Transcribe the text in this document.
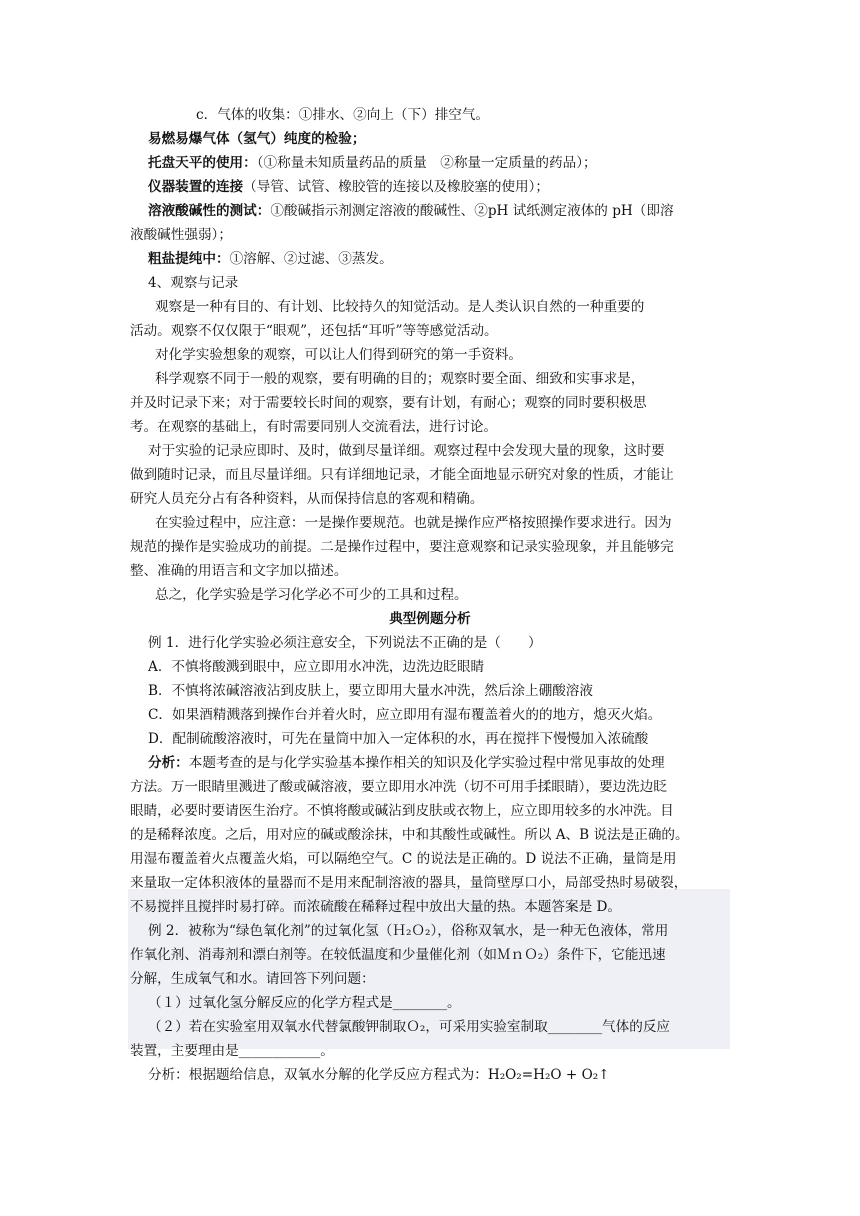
c．气体的收集：①排水、②向上（下）排空气。
易燃易爆气体（氢气）纯度的检验；
托盘天平的使用：（①称量未知质量药品的质量　②称量一定质量的药品）；
仪器装置的连接（导管、试管、橡胶管的连接以及橡胶塞的使用）；
溶液酸碱性的测试：①酸碱指示剂测定溶液的酸碱性、②pH 试纸测定液体的 pH（即溶
液酸碱性强弱）；
粗盐提纯中：①溶解、②过滤、③蒸发。
4、观察与记录
观察是一种有目的、有计划、比较持久的知觉活动。是人类认识自然的一种重要的
活动。观察不仅仅限于“眼观”，还包括“耳听”等等感觉活动。
对化学实验想象的观察，可以让人们得到研究的第一手资料。
科学观察不同于一般的观察，要有明确的目的；观察时要全面、细致和实事求是，
并及时记录下来；对于需要较长时间的观察，要有计划，有耐心；观察的同时要积极思
考。在观察的基础上，有时需要同别人交流看法，进行讨论。
对于实验的记录应即时、及时，做到尽量详细。观察过程中会发现大量的现象，这时要
做到随时记录，而且尽量详细。只有详细地记录，才能全面地显示研究对象的性质，才能让
研究人员充分占有各种资料，从而保持信息的客观和精确。
在实验过程中，应注意：一是操作要规范。也就是操作应严格按照操作要求进行。因为
规范的操作是实验成功的前提。二是操作过程中，要注意观察和记录实验现象，并且能够完
整、准确的用语言和文字加以描述。
总之，化学实验是学习化学必不可少的工具和过程。
典型例题分析
例 1．进行化学实验必须注意安全，下列说法不正确的是（　　）
A．不慎将酸溅到眼中，应立即用水冲洗，边洗边眨眼睛
B．不慎将浓碱溶液沾到皮肤上，要立即用大量水冲洗，然后涂上硼酸溶液
C．如果酒精溅落到操作台并着火时，应立即用有湿布覆盖着火的的地方，熄灭火焰。
D．配制硫酸溶液时，可先在量筒中加入一定体积的水，再在搅拌下慢慢加入浓硫酸
分析：本题考查的是与化学实验基本操作相关的知识及化学实验过程中常见事故的处理
方法。万一眼睛里溅进了酸或碱溶液，要立即用水冲洗（切不可用手揉眼睛），要边洗边眨
眼睛，必要时要请医生治疗。不慎将酸或碱沾到皮肤或衣物上，应立即用较多的水冲洗。目
的是稀释浓度。之后，用对应的碱或酸涂抹，中和其酸性或碱性。所以 A、B 说法是正确的。
用湿布覆盖着火点覆盖火焰，可以隔绝空气。C 的说法是正确的。D 说法不正确，量筒是用
来量取一定体积液体的量器而不是用来配制溶液的器具，量筒壁厚口小，局部受热时易破裂，
不易搅拌且搅拌时易打碎。而浓硫酸在稀释过程中放出大量的热。本题答案是 D。
例 2．被称为“绿色氧化剂”的过氧化氢（Ｈ₂Ｏ₂），俗称双氧水，是一种无色液体，常用
作氧化剂、消毒剂和漂白剂等。在较低温度和少量催化剂（如ＭｎＯ₂）条件下，它能迅速
分解，生成氧气和水。请回答下列问题：
（１）过氧化氢分解反应的化学方程式是________。
（２）若在实验室用双氧水代替氯酸钾制取Ｏ₂，可采用实验室制取________气体的反应
装置，主要理由是____________。
分析：根据题给信息，双氧水分解的化学反应方程式为：H₂O₂=H₂O + O₂↑
